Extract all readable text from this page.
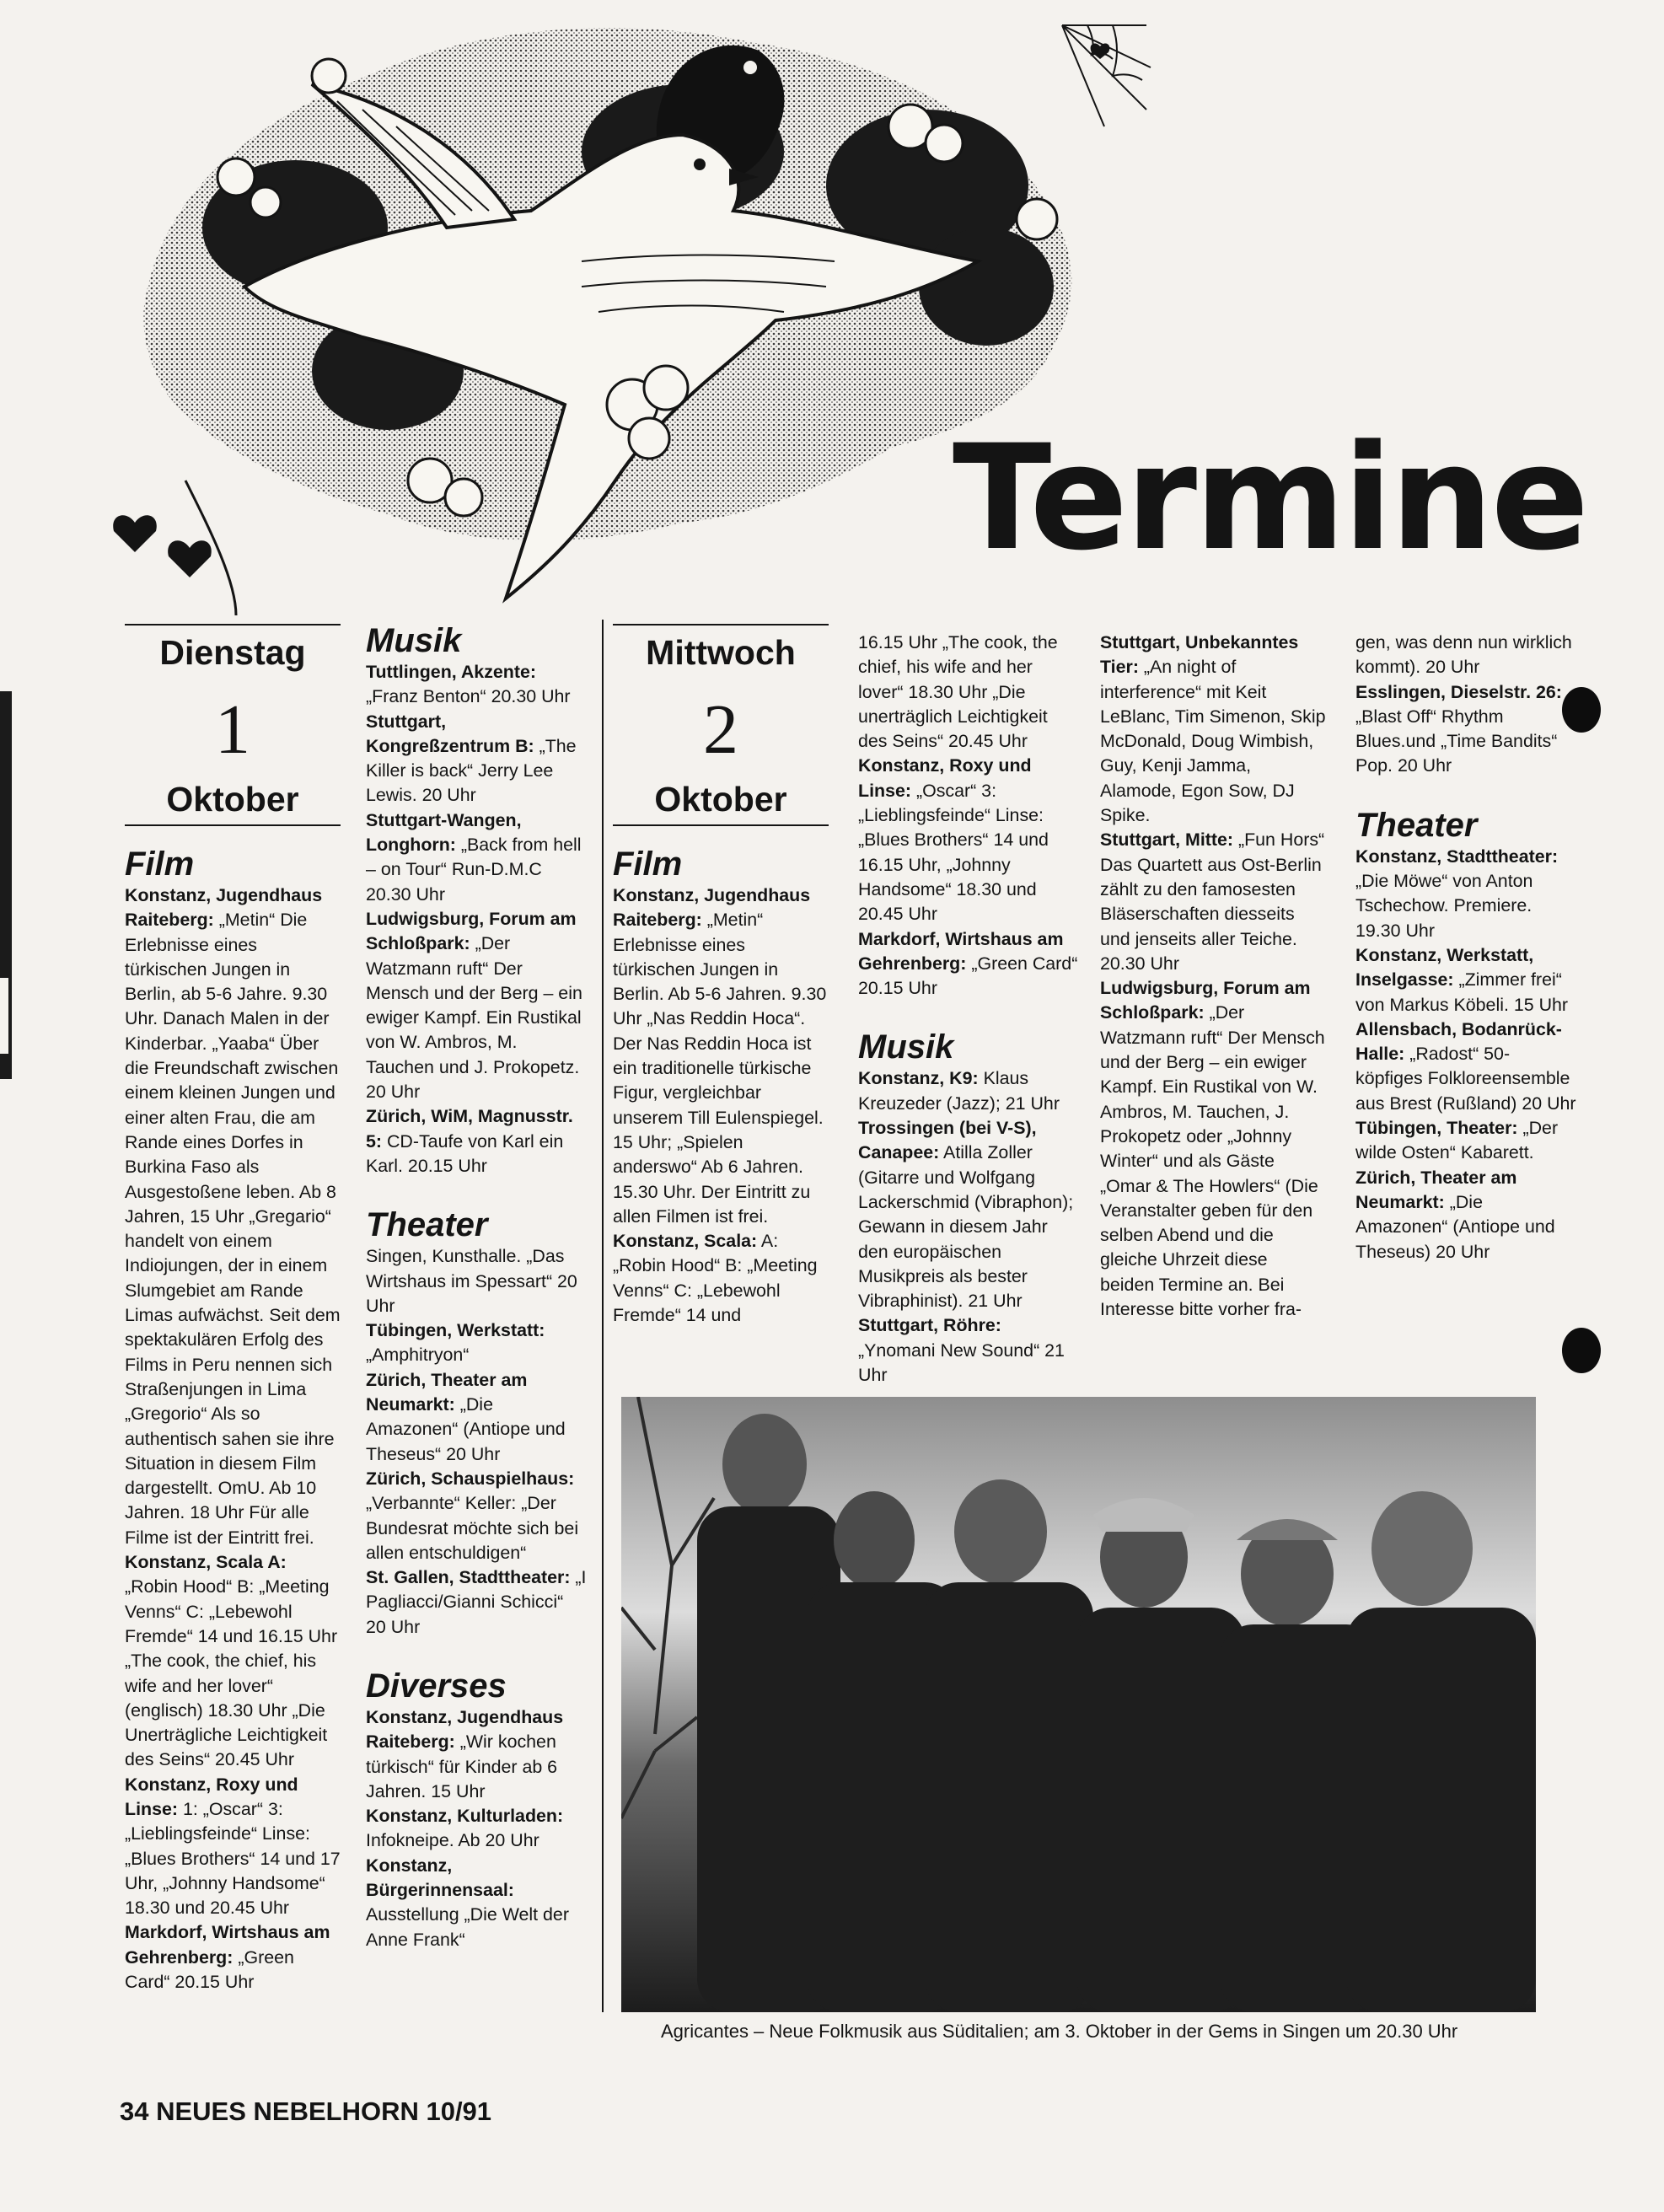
Termine
Dienstag
1
Oktober
Film

Konstanz, Jugendhaus Raiteberg: „Metin“ Die Erlebnisse eines türkischen Jungen in Berlin, ab 5-6 Jahre. 9.30 Uhr. Danach Malen in der Kinderbar. „Yaaba“ Über die Freundschaft zwischen einem kleinen Jungen und einer alten Frau, die am Rande eines Dorfes in Burkina Faso als Ausgestoßene leben. Ab 8 Jahren, 15 Uhr „Gregario“ handelt von einem Indiojungen, der in einem Slumgebiet am Rande Limas aufwächst. Seit dem spektakulären Erfolg des Films in Peru nennen sich Straßenjungen in Lima „Gregorio“ Als so authentisch sahen sie ihre Situation in diesem Film dargestellt. OmU. Ab 10 Jahren. 18 Uhr Für alle Filme ist der Eintritt frei.

Konstanz, Scala A: „Robin Hood“ B: „Meeting Venns“ C: „Lebewohl Fremde“ 14 und 16.15 Uhr „The cook, the chief, his wife and her lover“ (englisch) 18.30 Uhr „Die Unerträgliche Leichtigkeit des Seins“ 20.45 Uhr

Konstanz, Roxy und Linse: 1: „Oscar“ 3: „Lieblingsfeinde“ Linse: „Blues Brothers“ 14 und 17 Uhr, „Johnny Handsome“ 18.30 und 20.45 Uhr

Markdorf, Wirtshaus am Gehrenberg: „Green Card“ 20.15 Uhr

Musik

Tuttlingen, Akzente: „Franz Benton“ 20.30 Uhr

Stuttgart, Kongreßzentrum B: „The Killer is back“ Jerry Lee Lewis. 20 Uhr

Stuttgart-Wangen, Longhorn: „Back from hell – on Tour“ Run-D.M.C 20.30 Uhr

Ludwigsburg, Forum am Schloßpark: „Der Watzmann ruft“ Der Mensch und der Berg – ein ewiger Kampf. Ein Rustikal von W. Ambros, M. Tauchen und J. Prokopetz. 20 Uhr

Zürich, WiM, Magnusstr. 5: CD-Taufe von Karl ein Karl. 20.15 Uhr

Theater

Singen, Kunsthalle. „Das Wirtshaus im Spessart“ 20 Uhr

Tübingen, Werkstatt: „Amphitryon“

Zürich, Theater am Neumarkt: „Die Amazonen“ (Antiope und Theseus“ 20 Uhr

Zürich, Schauspielhaus: „Verbannte“ Keller: „Der Bundesrat möchte sich bei allen entschuldigen“

St. Gallen, Stadttheater: „I Pagliacci/Gianni Schicci“ 20 Uhr

Diverses

Konstanz, Jugendhaus Raiteberg: „Wir kochen türkisch“ für Kinder ab 6 Jahren. 15 Uhr

Konstanz, Kulturladen: Infokneipe. Ab 20 Uhr

Konstanz, Bürgerinnensaal: Ausstellung „Die Welt der Anne Frank“

Mittwoch
2
Oktober
Film

Konstanz, Jugendhaus Raiteberg: „Metin“ Erlebnisse eines türkischen Jungen in Berlin. Ab 5-6 Jahren. 9.30 Uhr „Nas Reddin Hoca“. Der Nas Reddin Hoca ist ein traditionelle türkische Figur, vergleichbar unserem Till Eulenspiegel. 15 Uhr; „Spielen anderswo“ Ab 6 Jahren. 15.30 Uhr. Der Eintritt zu allen Filmen ist frei.

Konstanz, Scala: A: „Robin Hood“ B: „Meeting Venns“ C: „Lebewohl Fremde“ 14 und

16.15 Uhr „The cook, the chief, his wife and her lover“ 18.30 Uhr „Die unerträglich Leichtigkeit des Seins“ 20.45 Uhr

Konstanz, Roxy und Linse: „Oscar“ 3: „Lieblingsfeinde“ Linse: „Blues Brothers“ 14 und 16.15 Uhr, „Johnny Handsome“ 18.30 und 20.45 Uhr

Markdorf, Wirtshaus am Gehrenberg: „Green Card“ 20.15 Uhr

Musik

Konstanz, K9: Klaus Kreuzeder (Jazz); 21 Uhr

Trossingen (bei V-S), Canapee: Atilla Zoller (Gitarre und Wolfgang Lackerschmid (Vibraphon); Gewann in diesem Jahr den europäischen Musikpreis als bester Vibraphinist). 21 Uhr

Stuttgart, Röhre: „Ynomani New Sound“ 21 Uhr

Stuttgart, Unbekanntes Tier: „An night of interference“ mit Keit LeBlanc, Tim Simenon, Skip McDonald, Doug Wimbish, Guy, Kenji Jamma, Alamode, Egon Sow, DJ Spike.

Stuttgart, Mitte: „Fun Hors“ Das Quartett aus Ost-Berlin zählt zu den famosesten Bläserschaften diesseits und jenseits aller Teiche. 20.30 Uhr

Ludwigsburg, Forum am Schloßpark: „Der Watzmann ruft“ Der Mensch und der Berg – ein ewiger Kampf. Ein Rustikal von W. Ambros, M. Tauchen, J. Prokopetz oder „Johnny Winter“ und als Gäste „Omar & The Howlers“ (Die Veranstalter geben für den selben Abend und die gleiche Uhrzeit diese beiden Termine an. Bei Interesse bitte vorher fra-

gen, was denn nun wirklich kommt). 20 Uhr

Esslingen, Dieselstr. 26: „Blast Off“ Rhythm Blues.und „Time Bandits“ Pop. 20 Uhr

Theater

Konstanz, Stadttheater: „Die Möwe“ von Anton Tschechow. Premiere. 19.30 Uhr

Konstanz, Werkstatt, Inselgasse: „Zimmer frei“ von Markus Köbeli. 15 Uhr

Allensbach, Bodanrück-Halle: „Radost“ 50-köpfiges Folkloreensemble aus Brest (Rußland) 20 Uhr

Tübingen, Theater: „Der wilde Osten“ Kabarett.

Zürich, Theater am Neumarkt: „Die Amazonen“ (Antiope und Theseus) 20 Uhr

Agricantes – Neue Folkmusik aus Süditalien; am 3. Oktober in der Gems in Singen um 20.30 Uhr
34 NEUES NEBELHORN 10/91
